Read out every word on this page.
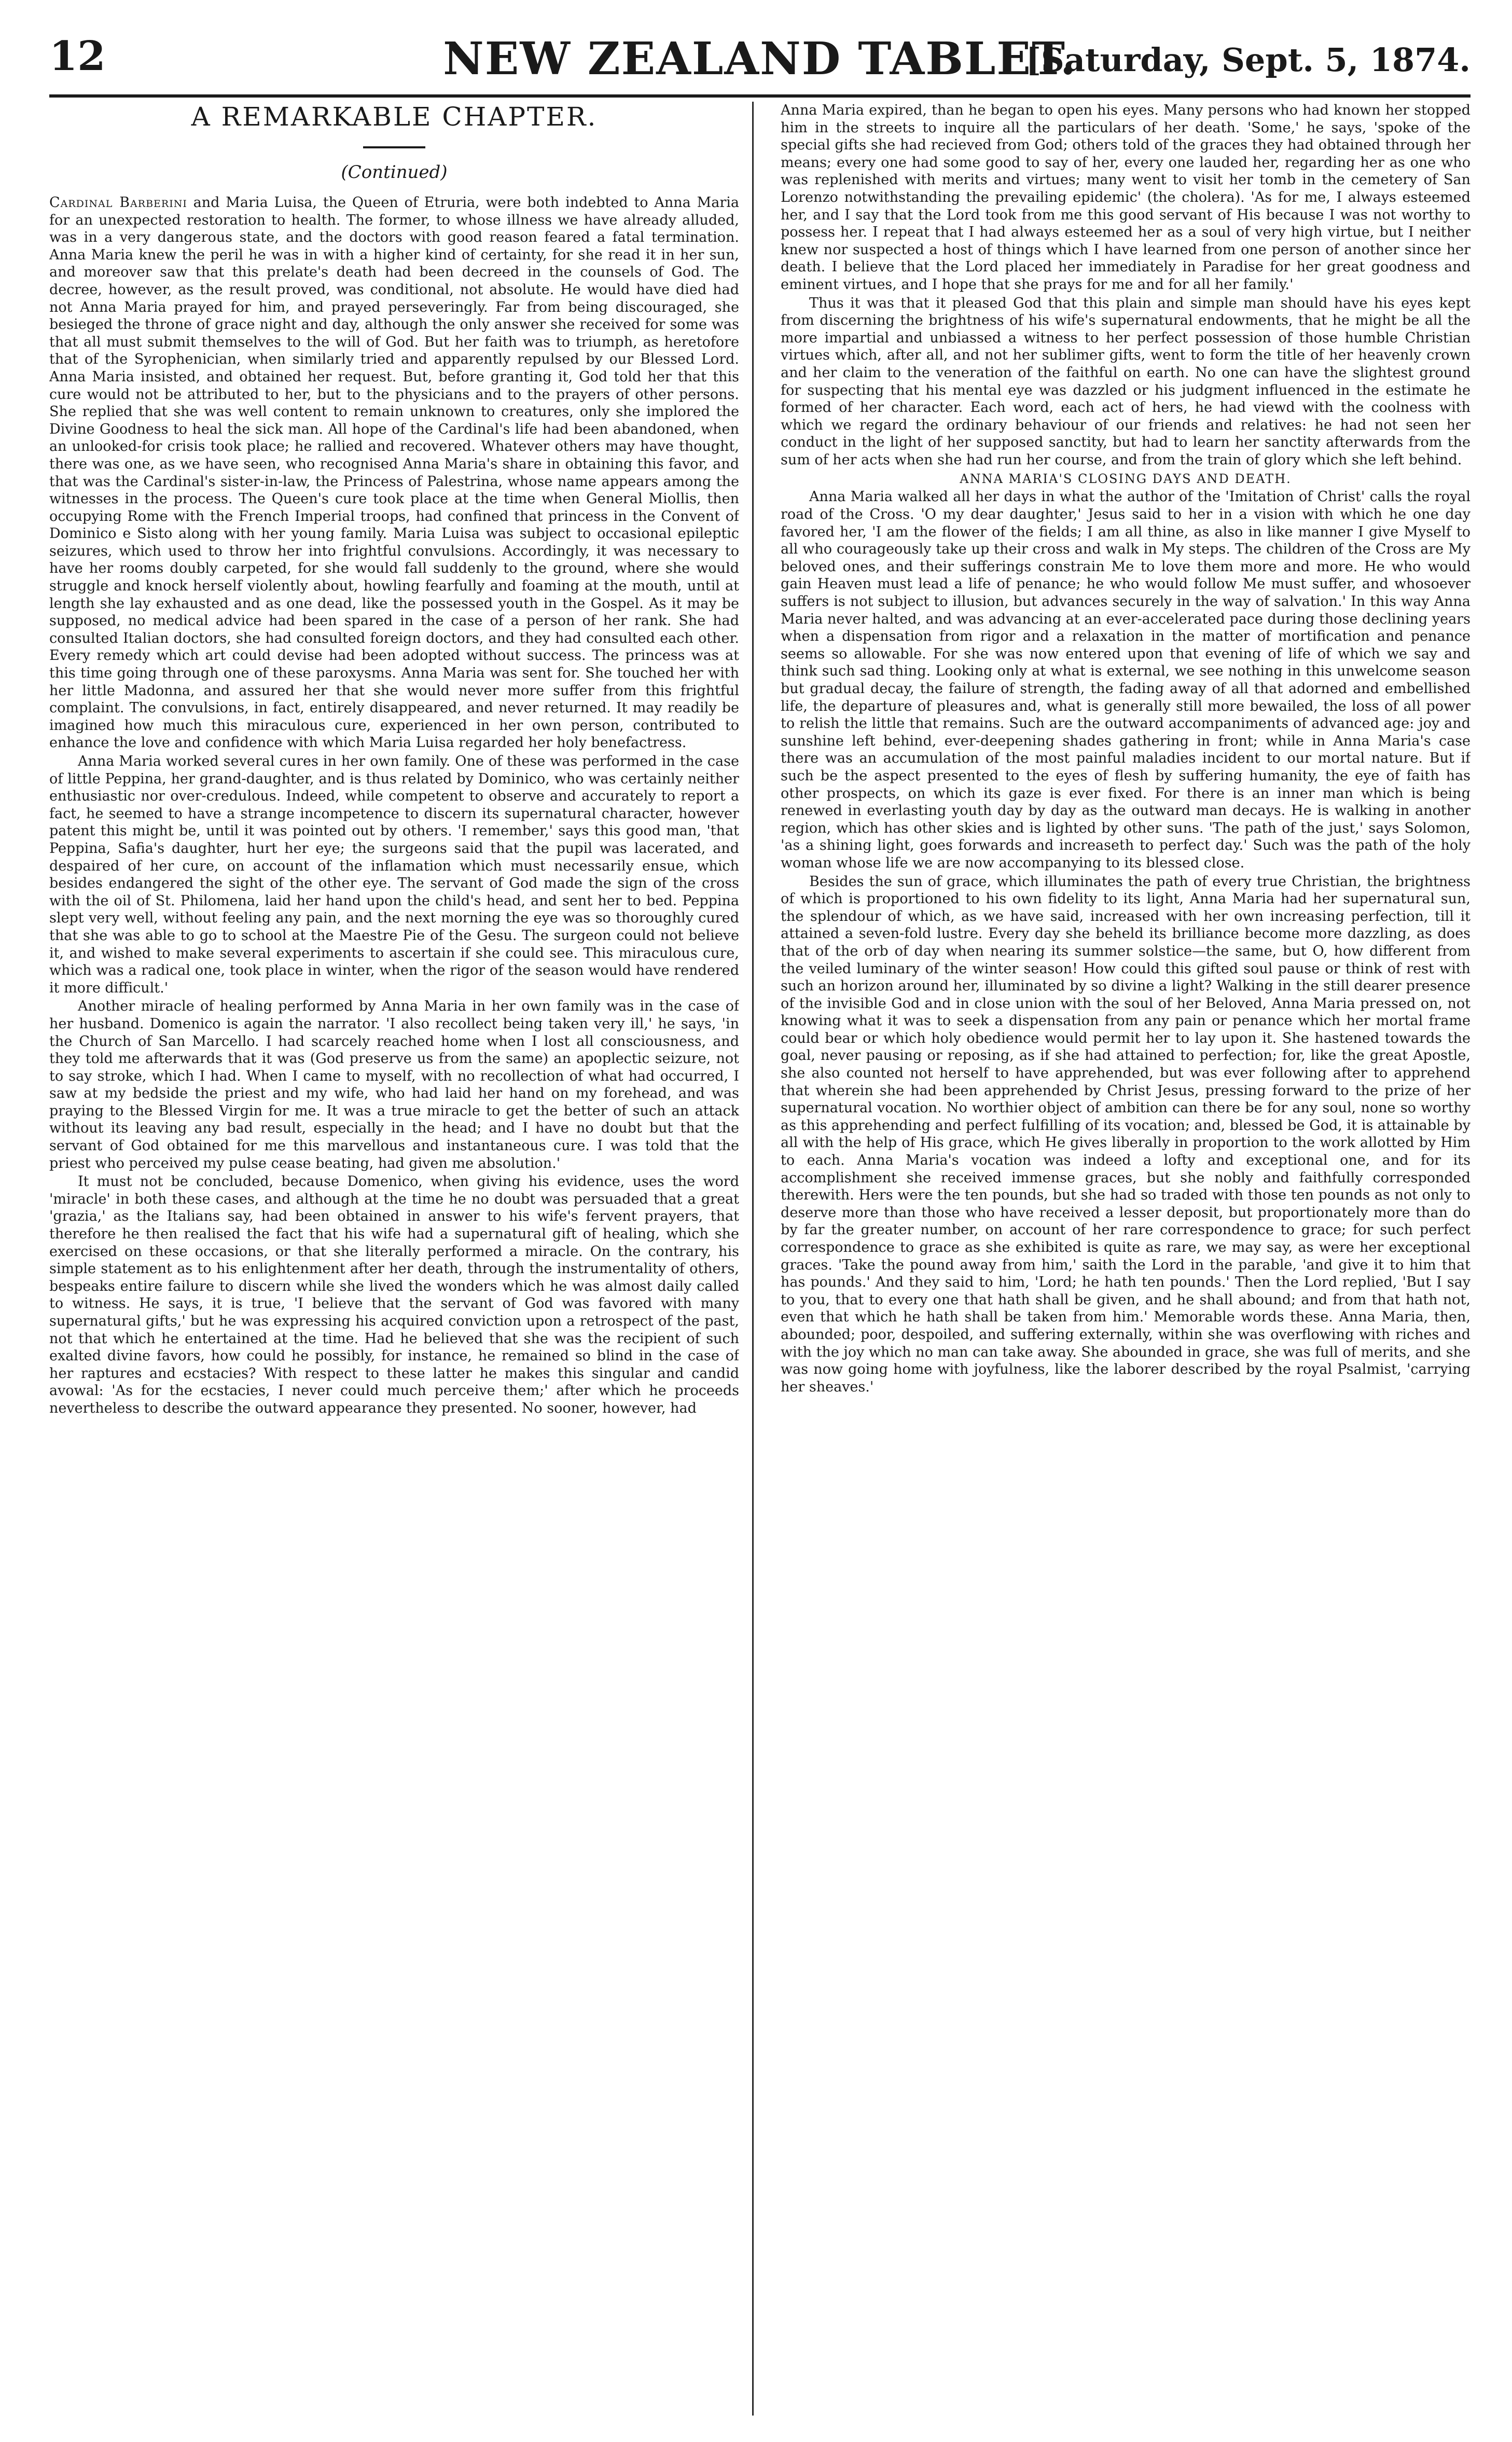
12	NEW ZEALAND TABLET.
[Saturday, Sept. 5, 1874.
A REMARKABLE CHAPTER.
(Continued)

Cardinal Barberini and Maria Luisa, the Queen of Etruria, were both indebted to Anna Maria for an unexpected restoration to health. The former, to whose illness we have already alluded, was in a very dangerous state, and the doctors with good reason feared a fatal termination. Anna Maria knew the peril he was in with a higher kind of certainty, for she read it in her sun, and moreover saw that this prelate's death had been decreed in the counsels of God. The decree, however, as the result proved, was conditional, not absolute. He would have died had not Anna Maria prayed for him, and prayed perseveringly. Far from being discouraged, she besieged the throne of grace night and day, although the only answer she received for some was that all must submit themselves to the will of God. But her faith was to triumph, as heretofore that of the Syrophenician, when similarly tried and apparently repulsed by our Blessed Lord. Anna Maria insisted, and obtained her request. But, before granting it, God told her that this cure would not be attributed to her, but to the physicians and to the prayers of other persons. She replied that she was well content to remain unknown to creatures, only she implored the Divine Goodness to heal the sick man. All hope of the Cardinal's life had been abandoned, when an unlooked-for crisis took place; he rallied and recovered. Whatever others may have thought, there was one, as we have seen, who recognised Anna Maria's share in obtaining this favor, and that was the Cardinal's sister-in-law, the Princess of Palestrina, whose name appears among the witnesses in the process. The Queen's cure took place at the time when General Miollis, then occupying Rome with the French Imperial troops, had confined that princess in the Convent of Dominico e Sisto along with her young family. Maria Luisa was subject to occasional epileptic seizures, which used to throw her into frightful convulsions. Accordingly, it was necessary to have her rooms doubly carpeted, for she would fall suddenly to the ground, where she would struggle and knock herself violently about, howling fearfully and foaming at the mouth, until at length she lay exhausted and as one dead, like the possessed youth in the Gospel. As it may be supposed, no medical advice had been spared in the case of a person of her rank. She had consulted Italian doctors, she had consulted foreign doctors, and they had consulted each other. Every remedy which art could devise had been adopted without success. The princess was at this time going through one of these paroxysms. Anna Maria was sent for. She touched her with her little Madonna, and assured her that she would never more suffer from this frightful complaint. The convulsions, in fact, entirely disappeared, and never returned. It may readily be imagined how much this miraculous cure, experienced in her own person, contributed to enhance the love and confidence with which Maria Luisa regarded her holy benefactress.

Anna Maria worked several cures in her own family. One of these was performed in the case of little Peppina, her grand-daughter, and is thus related by Dominico, who was certainly neither enthusiastic nor over-credulous. Indeed, while competent to observe and accurately to report a fact, he seemed to have a strange incompetence to discern its supernatural character, however patent this might be, until it was pointed out by others. 'I remember,' says this good man, 'that Peppina, Safia's daughter, hurt her eye; the surgeons said that the pupil was lacerated, and despaired of her cure, on account of the inflamation which must necessarily ensue, which besides endangered the sight of the other eye. The servant of God made the sign of the cross with the oil of St. Philomena, laid her hand upon the child's head, and sent her to bed. Peppina slept very well, without feeling any pain, and the next morning the eye was so thoroughly cured that she was able to go to school at the Maestre Pie of the Gesu. The surgeon could not believe it, and wished to make several experiments to ascertain if she could see. This miraculous cure, which was a radical one, took place in winter, when the rigor of the season would have rendered it more difficult.'

Another miracle of healing performed by Anna Maria in her own family was in the case of her husband. Domenico is again the narrator. 'I also recollect being taken very ill,' he says, 'in the Church of San Marcello. I had scarcely reached home when I lost all consciousness, and they told me afterwards that it was (God preserve us from the same) an apoplectic seizure, not to say stroke, which I had. When I came to myself, with no recollection of what had occurred, I saw at my bedside the priest and my wife, who had laid her hand on my forehead, and was praying to the Blessed Virgin for me. It was a true miracle to get the better of such an attack without its leaving any bad result, especially in the head; and I have no doubt but that the servant of God obtained for me this marvellous and instantaneous cure. I was told that the priest who perceived my pulse cease beating, had given me absolution.'

It must not be concluded, because Domenico, when giving his evidence, uses the word 'miracle' in both these cases, and although at the time he no doubt was persuaded that a great 'grazia,' as the Italians say, had been obtained in answer to his wife's fervent prayers, that therefore he then realised the fact that his wife had a supernatural gift of healing, which she exercised on these occasions, or that she literally performed a miracle. On the contrary, his simple statement as to his enlightenment after her death, through the instrumentality of others, bespeaks entire failure to discern while she lived the wonders which he was almost daily called to witness. He says, it is true, 'I believe that the servant of God was favored with many supernatural gifts,' but he was expressing his acquired conviction upon a retrospect of the past, not that which he entertained at the time. Had he believed that she was the recipient of such exalted divine favors, how could he possibly, for instance, he remained so blind in the case of her raptures and ecstacies? With respect to these latter he makes this singular and candid avowal: 'As for the ecstacies, I never could much perceive them;' after which he proceeds nevertheless to describe the outward appearance they presented. No sooner, however, had

Anna Maria expired, than he began to open his eyes. Many persons who had known her stopped him in the streets to inquire all the particulars of her death. 'Some,' he says, 'spoke of the special gifts she had recieved from God; others told of the graces they had obtained through her means; every one had some good to say of her, every one lauded her, regarding her as one who was replenished with merits and virtues; many went to visit her tomb in the cemetery of San Lorenzo notwithstanding the prevailing epidemic' (the cholera). 'As for me, I always esteemed her, and I say that the Lord took from me this good servant of His because I was not worthy to possess her. I repeat that I had always esteemed her as a soul of very high virtue, but I neither knew nor suspected a host of things which I have learned from one person of another since her death. I believe that the Lord placed her immediately in Paradise for her great goodness and eminent virtues, and I hope that she prays for me and for all her family.'

Thus it was that it pleased God that this plain and simple man should have his eyes kept from discerning the brightness of his wife's supernatural endowments, that he might be all the more impartial and unbiassed a witness to her perfect possession of those humble Christian virtues which, after all, and not her sublimer gifts, went to form the title of her heavenly crown and her claim to the veneration of the faithful on earth. No one can have the slightest ground for suspecting that his mental eye was dazzled or his judgment influenced in the estimate he formed of her character. Each word, each act of hers, he had viewd with the coolness with which we regard the ordinary behaviour of our friends and relatives: he had not seen her conduct in the light of her supposed sanctity, but had to learn her sanctity afterwards from the sum of her acts when she had run her course, and from the train of glory which she left behind.

ANNA MARIA'S CLOSING DAYS AND DEATH.

Anna Maria walked all her days in what the author of the 'Imitation of Christ' calls the royal road of the Cross. 'O my dear daughter,' Jesus said to her in a vision with which he one day favored her, 'I am the flower of the fields; I am all thine, as also in like manner I give Myself to all who courageously take up their cross and walk in My steps. The children of the Cross are My beloved ones, and their sufferings constrain Me to love them more and more. He who would gain Heaven must lead a life of penance; he who would follow Me must suffer, and whosoever suffers is not subject to illusion, but advances securely in the way of salvation.' In this way Anna Maria never halted, and was advancing at an ever-accelerated pace during those declining years when a dispensation from rigor and a relaxation in the matter of mortification and penance seems so allowable. For she was now entered upon that evening of life of which we say and think such sad thing. Looking only at what is external, we see nothing in this unwelcome season but gradual decay, the failure of strength, the fading away of all that adorned and embellished life, the departure of pleasures and, what is generally still more bewailed, the loss of all power to relish the little that remains. Such are the outward accompaniments of advanced age: joy and sunshine left behind, ever-deepening shades gathering in front; while in Anna Maria's case there was an accumulation of the most painful maladies incident to our mortal nature. But if such be the aspect presented to the eyes of flesh by suffering humanity, the eye of faith has other prospects, on which its gaze is ever fixed. For there is an inner man which is being renewed in everlasting youth day by day as the outward man decays. He is walking in another region, which has other skies and is lighted by other suns. 'The path of the just,' says Solomon, 'as a shining light, goes forwards and increaseth to perfect day.' Such was the path of the holy woman whose life we are now accompanying to its blessed close.

Besides the sun of grace, which illuminates the path of every true Christian, the brightness of which is proportioned to his own fidelity to its light, Anna Maria had her supernatural sun, the splendour of which, as we have said, increased with her own increasing perfection, till it attained a seven-fold lustre. Every day she beheld its brilliance become more dazzling, as does that of the orb of day when nearing its summer solstice—the same, but O, how different from the veiled luminary of the winter season! How could this gifted soul pause or think of rest with such an horizon around her, illuminated by so divine a light? Walking in the still dearer presence of the invisible God and in close union with the soul of her Beloved, Anna Maria pressed on, not knowing what it was to seek a dispensation from any pain or penance which her mortal frame could bear or which holy obedience would permit her to lay upon it. She hastened towards the goal, never pausing or reposing, as if she had attained to perfection; for, like the great Apostle, she also counted not herself to have apprehended, but was ever following after to apprehend that wherein she had been apprehended by Christ Jesus, pressing forward to the prize of her supernatural vocation. No worthier object of ambition can there be for any soul, none so worthy as this apprehending and perfect fulfilling of its vocation; and, blessed be God, it is attainable by all with the help of His grace, which He gives liberally in proportion to the work allotted by Him to each. Anna Maria's vocation was indeed a lofty and exceptional one, and for its accomplishment she received immense graces, but she nobly and faithfully corresponded therewith. Hers were the ten pounds, but she had so traded with those ten pounds as not only to deserve more than those who have received a lesser deposit, but proportionately more than do by far the greater number, on account of her rare correspondence to grace; for such perfect correspondence to grace as she exhibited is quite as rare, we may say, as were her exceptional graces. 'Take the pound away from him,' saith the Lord in the parable, 'and give it to him that has pounds.' And they said to him, 'Lord; he hath ten pounds.' Then the Lord replied, 'But I say to you, that to every one that hath shall be given, and he shall abound; and from that hath not, even that which he hath shall be taken from him.' Memorable words these. Anna Maria, then, abounded; poor, despoiled, and suffering externally, within she was overflowing with riches and with the joy which no man can take away. She abounded in grace, she was full of merits, and she was now going home with joyfulness, like the laborer described by the royal Psalmist, 'carrying her sheaves.'
